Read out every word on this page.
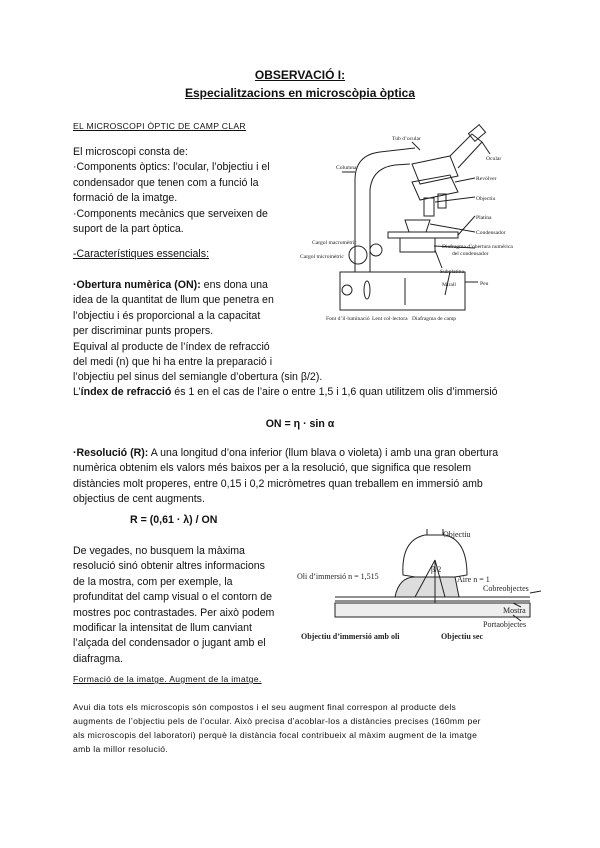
OBSERVACIÓ I:
Especialitzacions en microscòpia òptica
EL MICROSCOPI ÒPTIC DE CAMP CLAR
El microscopi consta de:
·Components òptics: l’ocular, l’objectiu i el
condensador que tenen com a funció la
formació de la imatge.
·Components mecànics que serveixen de
suport de la part òptica.
-Característiques essencials:
·Obertura numèrica (ON): ens dona una
idea de la quantitat de llum que penetra en
l’objectiu i és proporcional a la capacitat
per discriminar punts propers.
Equival al producte de l’índex de refracció
del medi (n) que hi ha entre la preparació i
l’objectiu pel sinus del semiangle d’obertura (sin β/2).
L’índex de refracció és 1 en el cas de l’aire o entre 1,5 i 1,6 quan utilitzem olis d’immersió
ON = η · sin α
·Resolució (R): A una longitud d’ona inferior (llum blava o violeta) i amb una gran obertura
numèrica obtenim els valors més baixos per a la resolució, que significa que resolem
distàncies molt properes, entre 0,15 i 0,2 micròmetres quan treballem en immersió amb
objectius de cent augments.
R = (0,61 · λ) / ON
De vegades, no busquem la màxima
resolució sinó obtenir altres informacions
de la mostra, com per exemple, la
profunditat del camp visual o el contorn de
mostres poc contrastades. Per això podem
modificar la intensitat de llum canviant
l’alçada del condensador o jugant amb el
diafragma.
Formació de la imatge. Augment de la imatge.
Avui dia tots els microscopis són compostos i el seu augment final correspon al producte dels
augments de l’objectiu pels de l’ocular. Això precisa d’acoblar-los a distàncies precises (160mm per
als microscopis del laboratori) perquè la distància focal contribueix al màxim augment de la imatge
amb la millor resolució.
Tub d’ocular
Ocular
Columna
Revòlver
Objectiu
Platina
Condensador
Cargol macromètric
Cargol micromètric
Diafragma d’obertura numèrica
del condensador
Subplatina
Mirall	Peu
Font d’il·luminació Lent col·lectora Diafragma de camp
Objectiu
Oli d’immersió n = 1,515
β/2
Aire n = 1
Cobreobjectes
Mostra
Portaobjectes
Objectiu d’immersió amb oli	Objectiu sec
